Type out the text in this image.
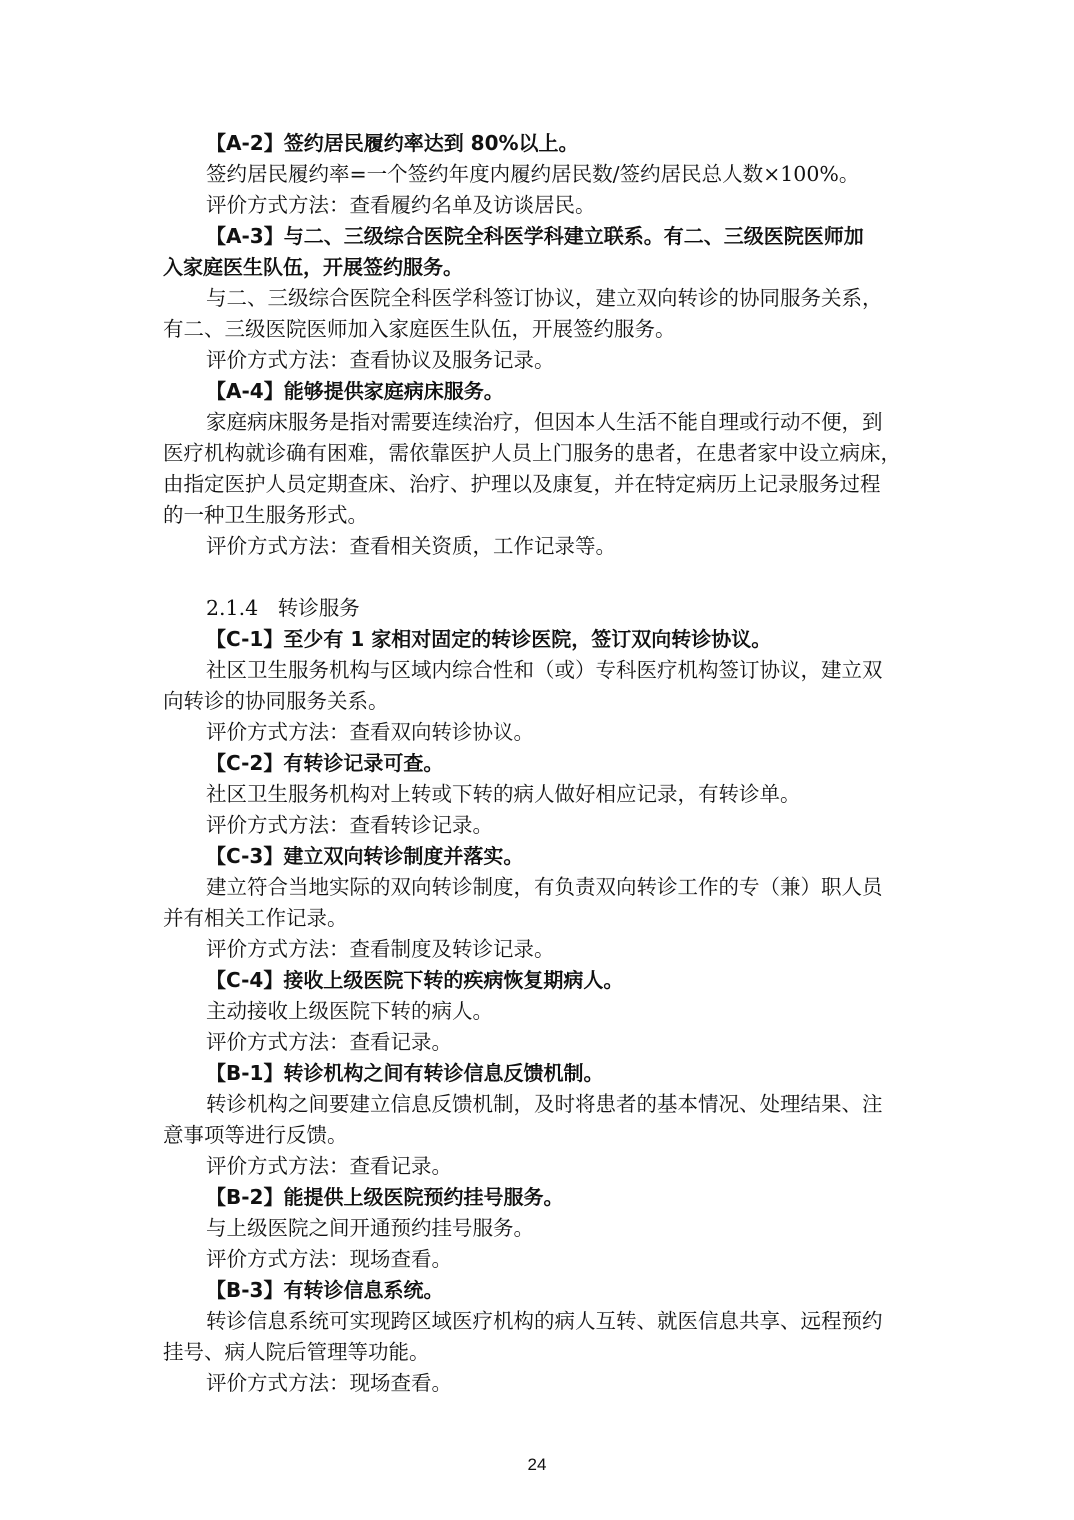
【A-2】签约居民履约率达到 80%以上。
签约居民履约率=一个签约年度内履约居民数/签约居民总人数×100%。
评价方式方法：查看履约名单及访谈居民。
【A-3】与二、三级综合医院全科医学科建立联系。有二、三级医院医师加
入家庭医生队伍，开展签约服务。
与二、三级综合医院全科医学科签订协议，建立双向转诊的协同服务关系，
有二、三级医院医师加入家庭医生队伍，开展签约服务。
评价方式方法：查看协议及服务记录。
【A-4】能够提供家庭病床服务。
家庭病床服务是指对需要连续治疗，但因本人生活不能自理或行动不便，到
医疗机构就诊确有困难，需依靠医护人员上门服务的患者，在患者家中设立病床，
由指定医护人员定期查床、治疗、护理以及康复，并在特定病历上记录服务过程
的一种卫生服务形式。
评价方式方法：查看相关资质，工作记录等。
2.1.4   转诊服务
【C-1】至少有 1 家相对固定的转诊医院，签订双向转诊协议。
社区卫生服务机构与区域内综合性和（或）专科医疗机构签订协议，建立双
向转诊的协同服务关系。
评价方式方法：查看双向转诊协议。
【C-2】有转诊记录可查。
社区卫生服务机构对上转或下转的病人做好相应记录，有转诊单。
评价方式方法：查看转诊记录。
【C-3】建立双向转诊制度并落实。
建立符合当地实际的双向转诊制度，有负责双向转诊工作的专（兼）职人员
并有相关工作记录。
评价方式方法：查看制度及转诊记录。
【C-4】接收上级医院下转的疾病恢复期病人。
主动接收上级医院下转的病人。
评价方式方法：查看记录。
【B-1】转诊机构之间有转诊信息反馈机制。
转诊机构之间要建立信息反馈机制，及时将患者的基本情况、处理结果、注
意事项等进行反馈。
评价方式方法：查看记录。
【B-2】能提供上级医院预约挂号服务。
与上级医院之间开通预约挂号服务。
评价方式方法：现场查看。
【B-3】有转诊信息系统。
转诊信息系统可实现跨区域医疗机构的病人互转、就医信息共享、远程预约
挂号、病人院后管理等功能。
评价方式方法：现场查看。
24
